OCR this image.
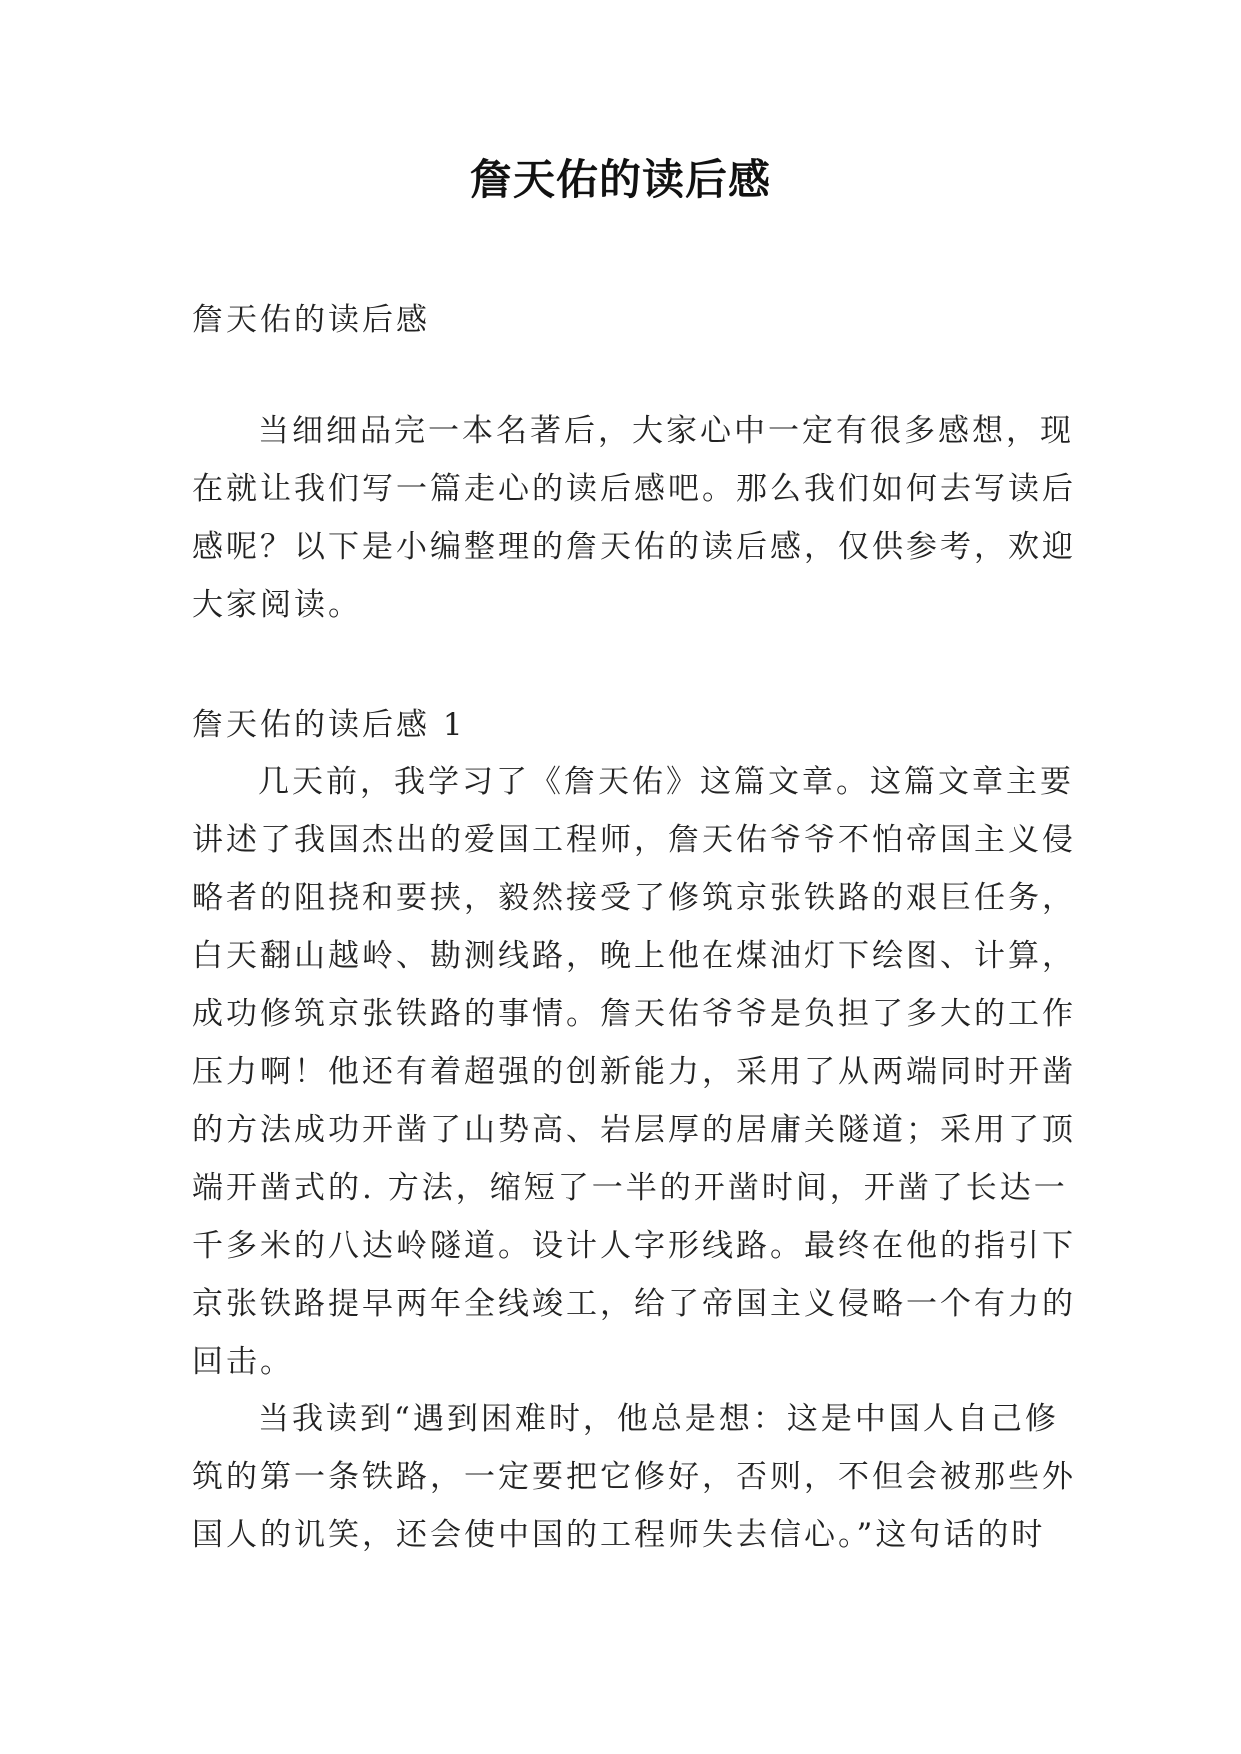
詹天佑的读后感
詹天佑的读后感
当细细品完一本名著后，大家心中一定有很多感想，现
在就让我们写一篇走心的读后感吧。那么我们如何去写读后
感呢？以下是小编整理的詹天佑的读后感，仅供参考，欢迎
大家阅读。
詹天佑的读后感 1
几天前，我学习了《詹天佑》这篇文章。这篇文章主要
讲述了我国杰出的爱国工程师，詹天佑爷爷不怕帝国主义侵
略者的阻挠和要挟，毅然接受了修筑京张铁路的艰巨任务，
白天翻山越岭、勘测线路，晚上他在煤油灯下绘图、计算，
成功修筑京张铁路的事情。詹天佑爷爷是负担了多大的工作
压力啊！他还有着超强的创新能力，采用了从两端同时开凿
的方法成功开凿了山势高、岩层厚的居庸关隧道；采用了顶
端开凿式的. 方法，缩短了一半的开凿时间，开凿了长达一
千多米的八达岭隧道。设计人字形线路。最终在他的指引下
京张铁路提早两年全线竣工，给了帝国主义侵略一个有力的
回击。
当我读到“遇到困难时，他总是想：这是中国人自己修
筑的第一条铁路，一定要把它修好，否则，不但会被那些外
国人的讥笑，还会使中国的工程师失去信心。”这句话的时
